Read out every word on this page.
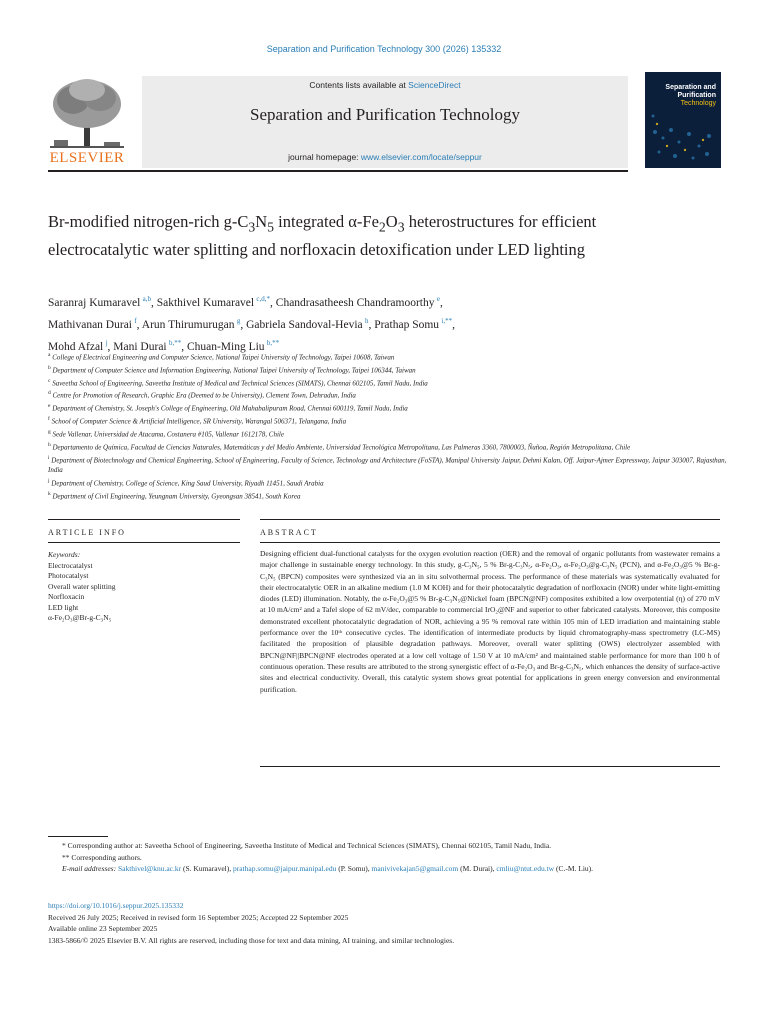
Separation and Purification Technology 300 (2026) 135332
ELSEVIER
Contents lists available at ScienceDirect
Separation and Purification Technology
journal homepage: www.elsevier.com/locate/seppur
Separation and
Purification
Technology
Br-modified nitrogen-rich $g-C_3N_5$ integrated $\alpha-Fe_2O_3$ heterostructures for efficient electrocatalytic water splitting and norfloxacin detoxification under LED lighting
Saranraj Kumaravel  $^{a,b}$, Sakthivel Kumaravel  $^{c,d,*}$, Chandrasatheesh Chandramoorthy  $^e$,
Mathivanan Durai  $^f$, Arun Thirumurugan  $^g$, Gabriela Sandoval-Hevia  $^h$, Prathap Somu  $^{i,**}$,
Mohd Afzal  $^j$, Mani Durai  $^{b,**}$, Chuan-Ming Liu  $^{b,**}$
$^a$ College of Electrical Engineering and Computer Science, National Taipei University of Technology, Taipei 10608, Taiwan
$^b$ Department of Computer Science and Information Engineering, National Taipei University of Technology, Taipei 106344, Taiwan
$^c$ Saveetha School of Engineering, Saveetha Institute of Medical and Technical Sciences (SIMATS), Chennai 602105, Tamil Nadu, India
$^d$ Centre for Promotion of Research, Graphic Era (Deemed to be University), Clement Town, Dehradun, India
$^e$ Department of Chemistry, St. Joseph's College of Engineering, Old Mahabalipuram Road, Chennai 600119, Tamil Nadu, India
$^f$ School of Computer Science & Artificial Intelligence, SR University, Warangal 506371, Telangana, India
$^g$ Sede Vallenar, Universidad de Atacama, Costanera #105, Vallenar 1612178, Chile
$^h$ Departamento de Química, Facultad de Ciencias Naturales, Matemáticas y del Medio Ambiente, Universidad Tecnológica Metropolitana, Las Palmeras 3360, 7800003, Ñuñoa, Región Metropolitana, Chile
$^i$ Department of Biotechnology and Chemical Engineering, School of Engineering, Faculty of Science, Technology and Architecture (FoSTA), Manipal University Jaipur, Dehmi Kalan, Off. Jaipur-Ajmer Expressway, Jaipur 303007, Rajasthan, India
$^j$ Department of Chemistry, College of Science, King Saud University, Riyadh 11451, Saudi Arabia
$^k$ Department of Civil Engineering, Yeungnam University, Gyeongsan 38541, South Korea
ARTICLE INFO	ABSTRACT
Keywords:
Electrocatalyst
Photocatalyst
Overall water splitting
Norfloxacin
LED light
α-Fe₂O₃@Br-g-C₃N₅
Designing efficient dual-functional catalysts for the oxygen evolution reaction (OER) and the removal of organic pollutants from wastewater remains a major challenge in sustainable energy technology. In this study, g-C₃N₅, 5 % Br-g-C₃N₅, α-Fe₂O₃, α-Fe₂O₃@g-C₃N₅ (PCN), and α-Fe₂O₃@5 % Br-g-C₃N₅ (BPCN) composites were synthesized via an in situ solvothermal process. The performance of these materials was systematically evaluated for their electrocatalytic OER in an alkaline medium (1.0 M KOH) and for their photocatalytic degradation of norfloxacin (NOR) under white light-emitting diodes (LED) illumination. Notably, the α-Fe₂O₃@5 % Br-g-C₃N₅@Nickel foam (BPCN@NF) composites exhibited a low overpotential (η) of 270 mV at 10 mA/cm² and a Tafel slope of 62 mV/dec, comparable to commercial IrO₂@NF and superior to other fabricated catalysts. Moreover, this composite demonstrated excellent photocatalytic degradation of NOR, achieving a 95 % removal rate within 105 min of LED irradiation and maintaining stable performance over the 10ᵗʰ consecutive cycles. The identification of intermediate products by liquid chromatography-mass spectrometry (LC-MS) facilitated the proposition of plausible degradation pathways. Moreover, overall water splitting (OWS) electrolyzer assembled with BPCN@NF||BPCN@NF electrodes operated at a low cell voltage of 1.50 V at 10 mA/cm² and maintained stable performance for more than 100 h of continuous operation. These results are attributed to the strong synergistic effect of α-Fe₂O₃ and Br-g-C₃N₅, which enhances the density of surface-active sites and electrical conductivity. Overall, this catalytic system shows great potential for applications in green energy conversion and environmental purification.
* Corresponding author at: Saveetha School of Engineering, Saveetha Institute of Medical and Technical Sciences (SIMATS), Chennai 602105, Tamil Nadu, India.
** Corresponding authors.
E-mail addresses: Sakthivel@knu.ac.kr (S. Kumaravel), prathap.somu@jaipur.manipal.edu (P. Somu), manivivekajan5@gmail.com (M. Durai), cmliu@ntut.edu.tw (C.-M. Liu).
https://doi.org/10.1016/j.seppur.2025.135332
Received 26 July 2025; Received in revised form 16 September 2025; Accepted 22 September 2025
Available online 23 September 2025
1383-5866/© 2025 Elsevier B.V. All rights are reserved, including those for text and data mining, AI training, and similar technologies.
